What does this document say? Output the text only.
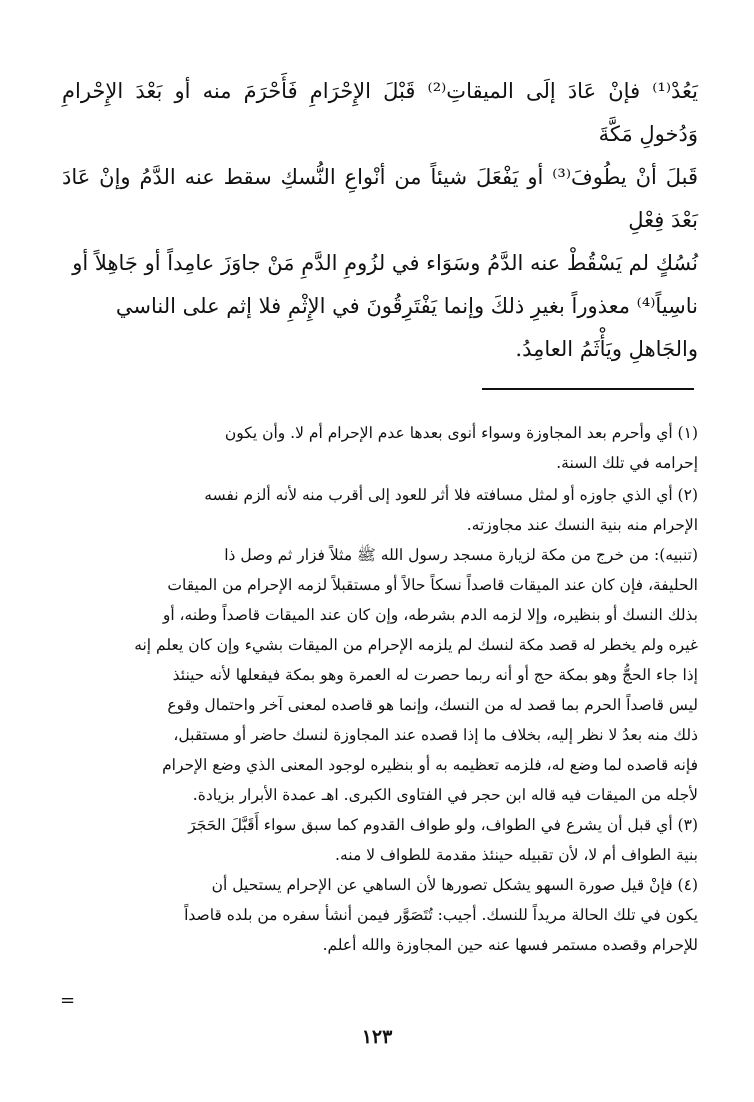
يَعُدْ⁽¹⁾ فإنْ عَادَ إلَى الميقاتِ⁽²⁾ قَبْلَ الإِحْرَامِ فَأَحْرَمَ منه أو بَعْدَ الإِحْرامِ وَدُخولِ مَكَّةَ

قَبلَ أنْ يطُوفَ⁽³⁾ أو يَفْعَلَ شيئاً من أنْواعِ النُّسكِ سقط عنه الدَّمُ وإنْ عَادَ بَعْدَ فِعْلِ

نُسُكٍ لم يَسْقُطْ عنه الدَّمُ وسَوَاء في لزُومِ الدَّمِ مَنْ جاوَزَ عامِداً أو جَاهِلاً أو

ناسِياً⁽⁴⁾ معذوراً بغيرِ ذلكَ وإنما يَفْتَرِقُونَ في الإِثْمِ فلا إثم على الناسي

والجَاهلِ ويَأْثَمُ العامِدُ.

(١) أي وأحرم بعد المجاوزة وسواء أنوى بعدها عدم الإحرام أم لا. وأن يكون

إحرامه في تلك السنة.

(٢) أي الذي جاوزه أو لمثل مسافته فلا أثر للعود إلى أقرب منه لأنه ألزم نفسه

الإحرام منه بنية النسك عند مجاوزته.

(تنبيه): من خرج من مكة لزيارة مسجد رسول الله ﷺ مثلاً فزار ثم وصل ذا

الحليفة، فإن كان عند الميقات قاصداً نسكاً حالاً أو مستقبلاً لزمه الإحرام من الميقات

بذلك النسك أو بنظيره، وإلا لزمه الدم بشرطه، وإن كان عند الميقات قاصداً وطنه، أو

غيره ولم يخطر له قصد مكة لنسك لم يلزمه الإحرام من الميقات بشيء وإن كان يعلم إنه

إذا جاء الحجُّ وهو بمكة حج أو أنه ربما حصرت له العمرة وهو بمكة فيفعلها لأنه حينئذ

ليس قاصداً الحرم بما قصد له من النسك، وإنما هو قاصده لمعنى آخر واحتمال وقوع

ذلك منه بعدُ لا نظر إليه، بخلاف ما إذا قصده عند المجاوزة لنسك حاضر أو مستقبل،

فإنه قاصده لما وضع له، فلزمه تعظيمه به أو بنظيره لوجود المعنى الذي وضع الإحرام

لأجله من الميقات فيه قاله ابن حجر في الفتاوى الكبرى. اهـ عمدة الأبرار بزيادة.

(٣) أي قبل أن يشرع في الطواف، ولو طواف القدوم كما سبق سواء أَقَبَّلَ الحَجَرَ

بنية الطواف أم لا، لأن تقبيله حينئذ مقدمة للطواف لا منه.

(٤) فإنْ قيل صورة السهو يشكل تصورها لأن الساهي عن الإحرام يستحيل أن

يكون في تلك الحالة مريداً للنسك. أجيب: تُتَصَوَّر فيمن أنشأ سفره من بلده قاصداً

للإحرام وقصده مستمر فسها عنه حين المجاوزة والله أعلم.

=
١٢٣
